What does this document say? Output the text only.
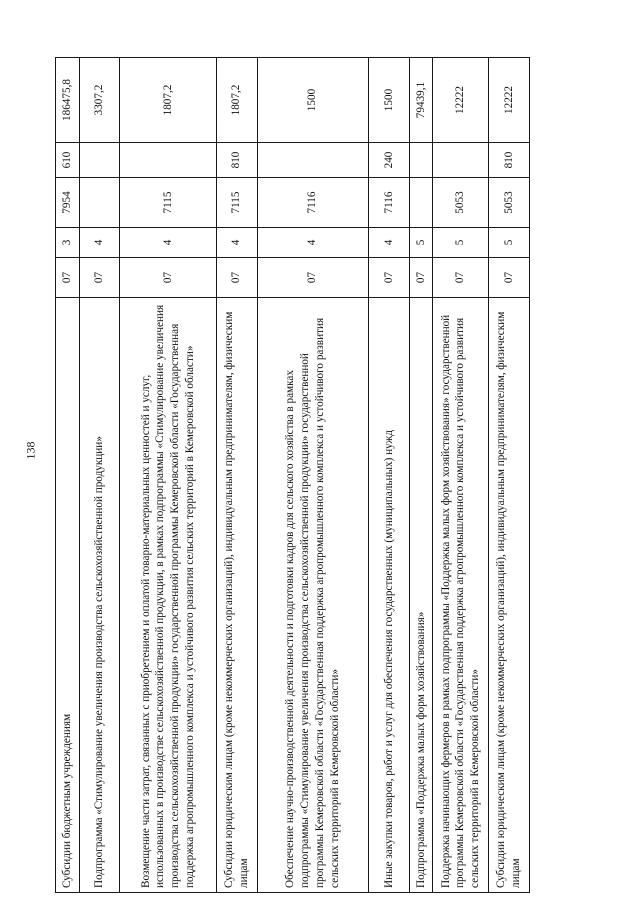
138
Субсидии бюджетным учреждениям	07	3	7954	610	186475,8
Подпрограмма «Стимулирование увеличения производства сельскохозяйственной продукции»	07	4			3307,2
Возмещение части затрат, связанных с приобретением и оплатой товарно-материальных ценностей и услуг, использованных в производстве сельскохозяйственной продукции, в рамках подпрограммы «Стимулирование увеличения производства сельскохозяйственной продукции» государственной программы Кемеровской области «Государственная поддержка агропромышленного комплекса и устойчивого развития сельских территорий в Кемеровской области»	07	4	7115		1807,2
Субсидии юридическим лицам (кроме некоммерческих организаций), индивидуальным предпринимателям, физическим лицам	07	4	7115	810	1807,2
Обеспечение научно-производственной деятельности и подготовки кадров для сельского хозяйства в рамках подпрограммы «Стимулирование увеличения производства сельскохозяйственной продукции» государственной программы Кемеровской области «Государственная поддержка агропромышленного комплекса и устойчивого развития сельских территорий в Кемеровской области»	07	4	7116		1500
Иные закупки товаров, работ и услуг для обеспечения государственных (муниципальных) нужд	07	4	7116	240	1500
Подпрограмма «Поддержка малых форм хозяйствования»	07	5			79439,1
Поддержка начинающих фермеров в рамках подпрограммы «Поддержка малых форм хозяйствования» государственной программы Кемеровской области «Государственная поддержка агропромышленного комплекса и устойчивого развития сельских территорий в Кемеровской области»	07	5	5053		12222
Субсидии юридическим лицам (кроме некоммерческих организаций), индивидуальным предпринимателям, физическим лицам	07	5	5053	810	12222
